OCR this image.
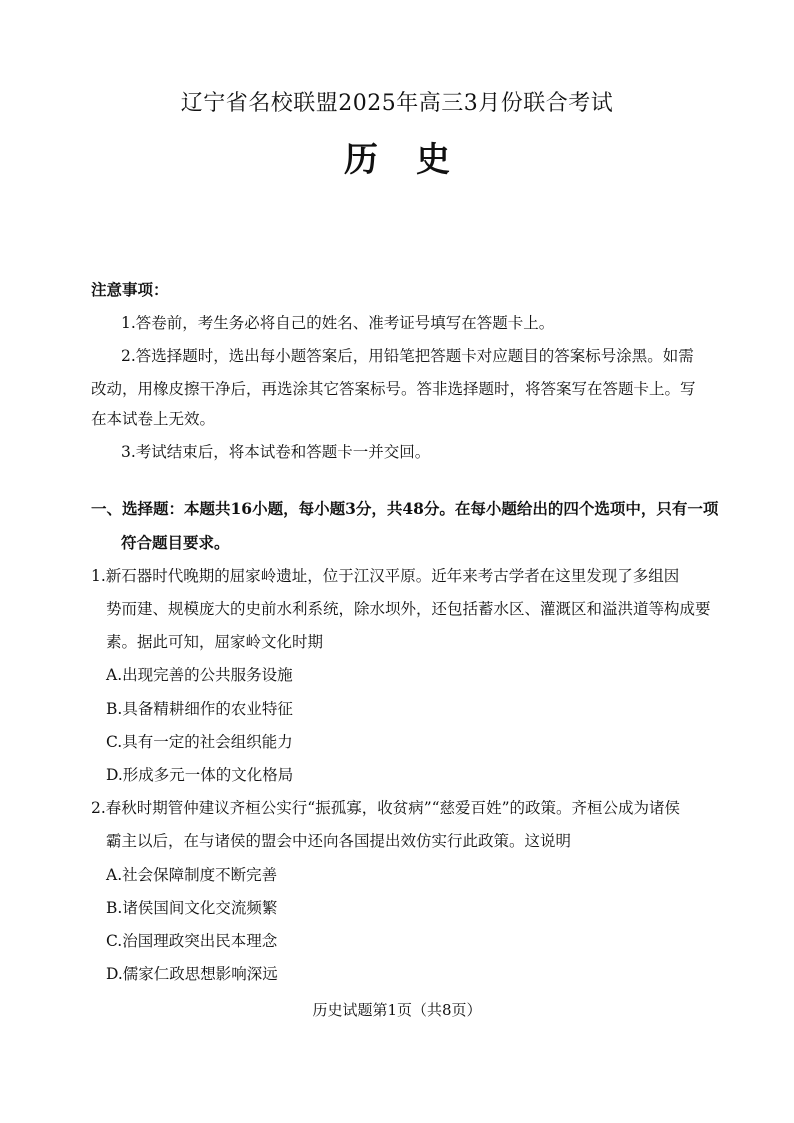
辽宁省名校联盟2025年高三3月份联合考试
历史
注意事项：
1.答卷前，考生务必将自己的姓名、准考证号填写在答题卡上。
2.答选择题时，选出每小题答案后，用铅笔把答题卡对应题目的答案标号涂黑。如需
改动，用橡皮擦干净后，再选涂其它答案标号。答非选择题时，将答案写在答题卡上。写
在本试卷上无效。
3.考试结束后，将本试卷和答题卡一并交回。
一、选择题：本题共16小题，每小题3分，共48分。在每小题给出的四个选项中，只有一项
符合题目要求。
1.新石器时代晚期的屈家岭遗址，位于江汉平原。近年来考古学者在这里发现了多组因
势而建、规模庞大的史前水利系统，除水坝外，还包括蓄水区、灌溉区和溢洪道等构成要
素。据此可知，屈家岭文化时期
A.出现完善的公共服务设施
B.具备精耕细作的农业特征
C.具有一定的社会组织能力
D.形成多元一体的文化格局
2.春秋时期管仲建议齐桓公实行“振孤寡，收贫病”“慈爱百姓”的政策。齐桓公成为诸侯
霸主以后，在与诸侯的盟会中还向各国提出效仿实行此政策。这说明
A.社会保障制度不断完善
B.诸侯国间文化交流频繁
C.治国理政突出民本理念
D.儒家仁政思想影响深远
历史试题第1页（共8页）
